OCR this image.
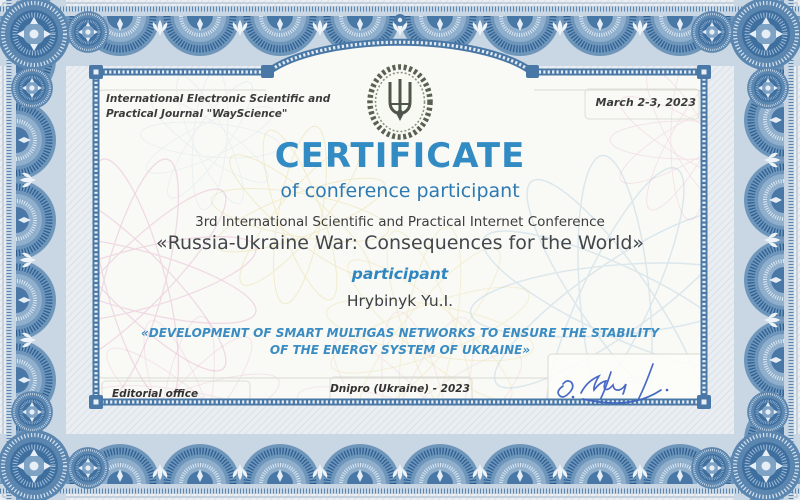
International Electronic Scientific and
Practical Journal "WayScience"
March 2-3, 2023
CERTIFICATE
of conference participant
3rd International Scientific and Practical Internet Conference
«Russia-Ukraine War: Consequences for the World»
participant
Hrybinyk Yu.I.
«DEVELOPMENT OF SMART MULTIGAS NETWORKS TO ENSURE THE STABILITY
OF THE ENERGY SYSTEM OF UKRAINE»
Editorial office	Dnipro (Ukraine) - 2023
